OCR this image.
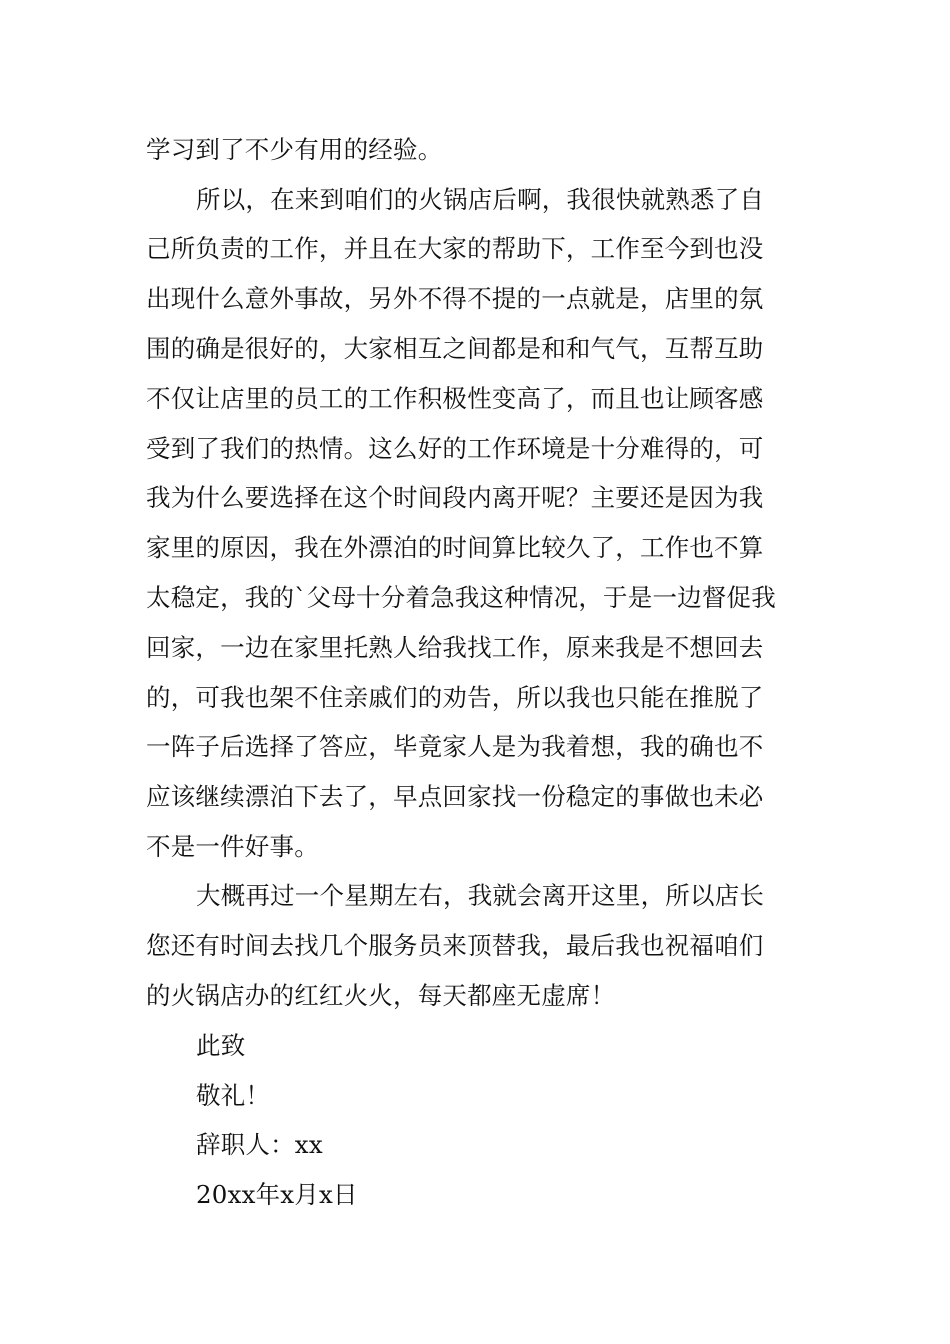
学习到了不少有用的经验。
所以，在来到咱们的火锅店后啊，我很快就熟悉了自
己所负责的工作，并且在大家的帮助下，工作至今到也没
出现什么意外事故，另外不得不提的一点就是，店里的氛
围的确是很好的，大家相互之间都是和和气气，互帮互助
不仅让店里的员工的工作积极性变高了，而且也让顾客感
受到了我们的热情。这么好的工作环境是十分难得的，可
我为什么要选择在这个时间段内离开呢？主要还是因为我
家里的原因，我在外漂泊的时间算比较久了，工作也不算
太稳定，我的`父母十分着急我这种情况，于是一边督促我
回家，一边在家里托熟人给我找工作，原来我是不想回去
的，可我也架不住亲戚们的劝告，所以我也只能在推脱了
一阵子后选择了答应，毕竟家人是为我着想，我的确也不
应该继续漂泊下去了，早点回家找一份稳定的事做也未必
不是一件好事。
大概再过一个星期左右，我就会离开这里，所以店长
您还有时间去找几个服务员来顶替我，最后我也祝福咱们
的火锅店办的红红火火，每天都座无虚席！
此致
敬礼！
辞职人：xx
20xx年x月x日
